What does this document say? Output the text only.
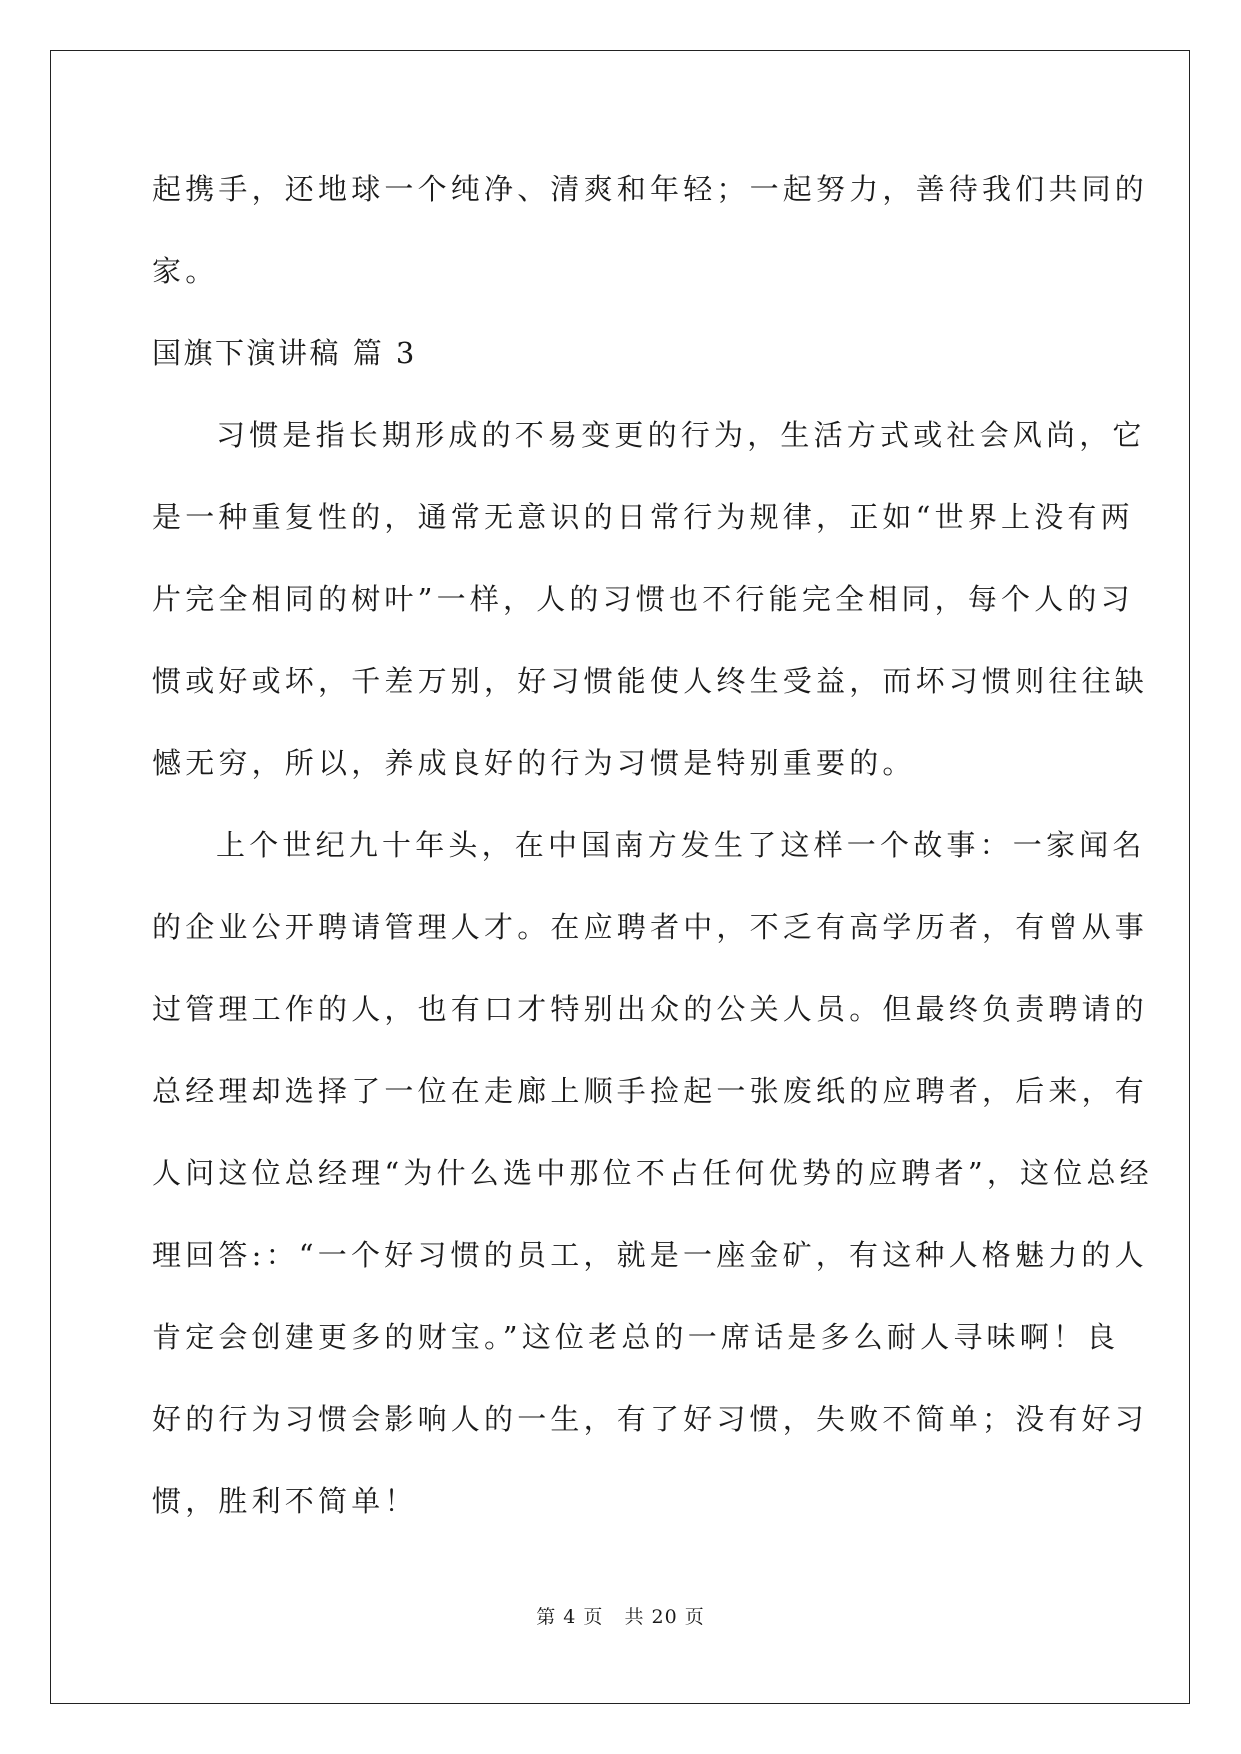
起携手，还地球一个纯净、清爽和年轻；一起努力，善待我们共同的
家。
国旗下演讲稿 篇 3
习惯是指长期形成的不易变更的行为，生活方式或社会风尚，它
是一种重复性的，通常无意识的日常行为规律，正如“世界上没有两
片完全相同的树叶”一样，人的习惯也不行能完全相同，每个人的习
惯或好或坏，千差万别，好习惯能使人终生受益，而坏习惯则往往缺
憾无穷，所以，养成良好的行为习惯是特别重要的。
上个世纪九十年头，在中国南方发生了这样一个故事：一家闻名
的企业公开聘请管理人才。在应聘者中，不乏有高学历者，有曾从事
过管理工作的人，也有口才特别出众的公关人员。但最终负责聘请的
总经理却选择了一位在走廊上顺手捡起一张废纸的应聘者，后来，有
人问这位总经理“为什么选中那位不占任何优势的应聘者”，这位总经
理回答:：“一个好习惯的员工，就是一座金矿，有这种人格魅力的人
肯定会创建更多的财宝。”这位老总的一席话是多么耐人寻味啊！良
好的行为习惯会影响人的一生，有了好习惯，失败不简单；没有好习
惯，胜利不简单！
第 4 页 共 20 页
